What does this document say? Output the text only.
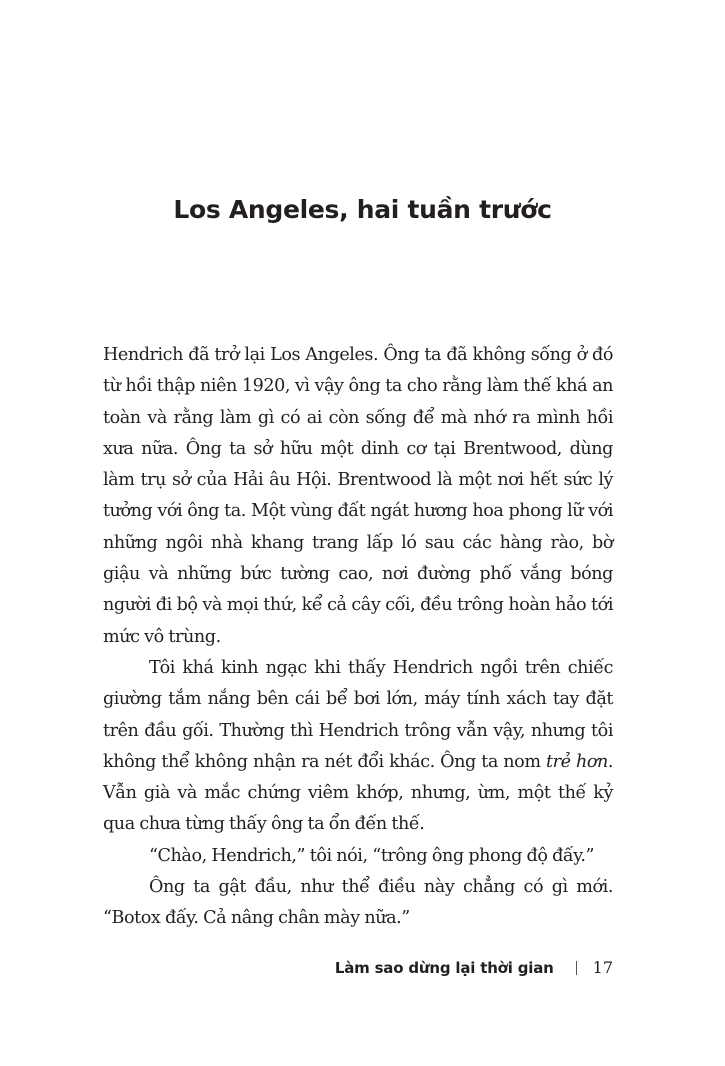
Los Angeles, hai tuần trước

Hendrich đã trở lại Los Angeles. Ông ta đã không sống ở đó từ hồi thập niên 1920, vì vậy ông ta cho rằng làm thế khá an toàn và rằng làm gì có ai còn sống để mà nhớ ra mình hồi xưa nữa. Ông ta sở hữu một dinh cơ tại Brentwood, dùng làm trụ sở của Hải âu Hội. Brentwood là một nơi hết sức lý tưởng với ông ta. Một vùng đất ngát hương hoa phong lữ với những ngôi nhà khang trang lấp ló sau các hàng rào, bờ giậu và những bức tường cao, nơi đường phố vắng bóng người đi bộ và mọi thứ, kể cả cây cối, đều trông hoàn hảo tới mức vô trùng.

Tôi khá kinh ngạc khi thấy Hendrich ngồi trên chiếc giường tắm nắng bên cái bể bơi lớn, máy tính xách tay đặt trên đầu gối. Thường thì Hendrich trông vẫn vậy, nhưng tôi không thể không nhận ra nét đổi khác. Ông ta nom trẻ hơn. Vẫn già và mắc chứng viêm khớp, nhưng, ừm, một thế kỷ qua chưa từng thấy ông ta ổn đến thế.

“Chào, Hendrich,” tôi nói, “trông ông phong độ đấy.”

Ông ta gật đầu, như thể điều này chẳng có gì mới. “Botox đấy. Cả nâng chân mày nữa.”

Làm sao dừng lại thời gian 17
